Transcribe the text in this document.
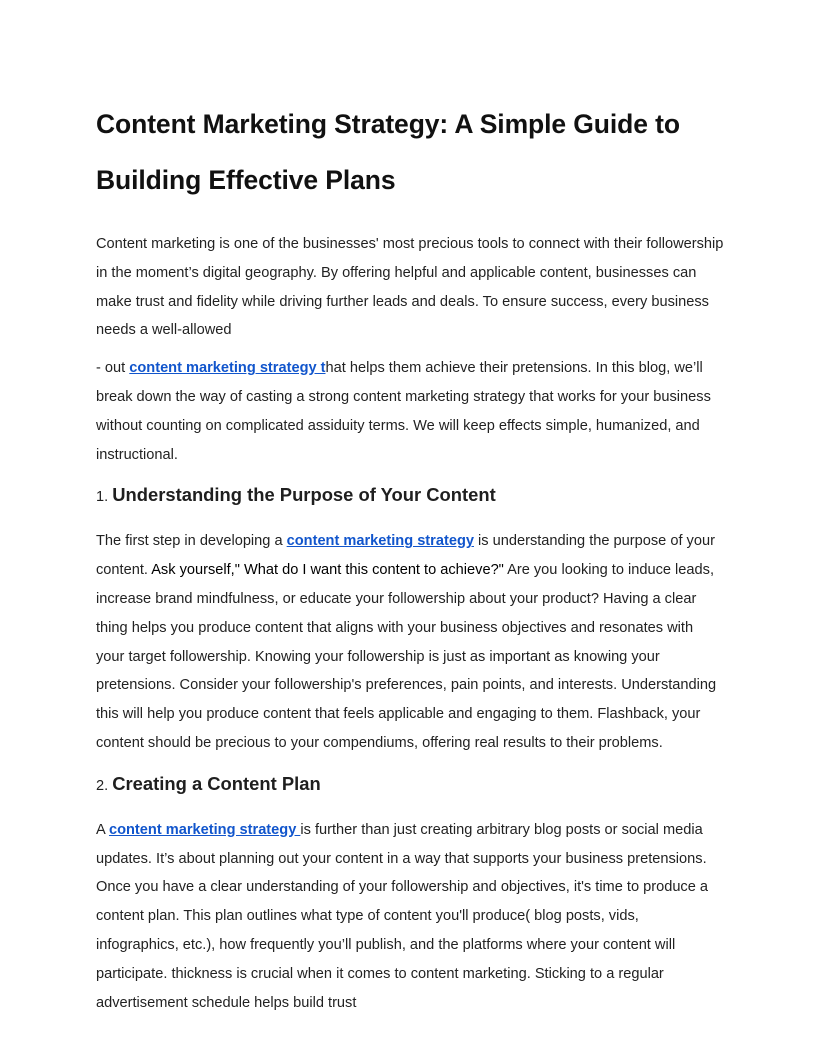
Content Marketing Strategy: A Simple Guide to
Building Effective Plans

Content marketing is one of the businesses' most precious tools to connect with their followership in the moment’s digital geography. By offering helpful and applicable content, businesses can make trust and fidelity while driving further leads and deals. To ensure success, every business needs a well-allowed

- out content marketing strategy that helps them achieve their pretensions. In this blog, we’ll break down the way of casting a strong content marketing strategy that works for your business without counting on complicated assiduity terms. We will keep effects simple, humanized, and instructional.

1. Understanding the Purpose of Your Content

The first step in developing a content marketing strategy is understanding the purpose of your content. Ask yourself," What do I want this content to achieve?" Are you looking to induce leads, increase brand mindfulness, or educate your followership about your product? Having a clear thing helps you produce content that aligns with your business objectives and resonates with your target followership. Knowing your followership is just as important as knowing your pretensions. Consider your followership's preferences, pain points, and interests. Understanding this will help you produce content that feels applicable and engaging to them. Flashback, your content should be precious to your compendiums, offering real results to their problems.

2. Creating a Content Plan

A content marketing strategy is further than just creating arbitrary blog posts or social media updates. It’s about planning out your content in a way that supports your business pretensions. Once you have a clear understanding of your followership and objectives, it's time to produce a content plan. This plan outlines what type of content you'll produce( blog posts, vids, infographics, etc.), how frequently you’ll publish, and the platforms where your content will participate. thickness is crucial when it comes to content marketing. Sticking to a regular advertisement schedule helps build trust
